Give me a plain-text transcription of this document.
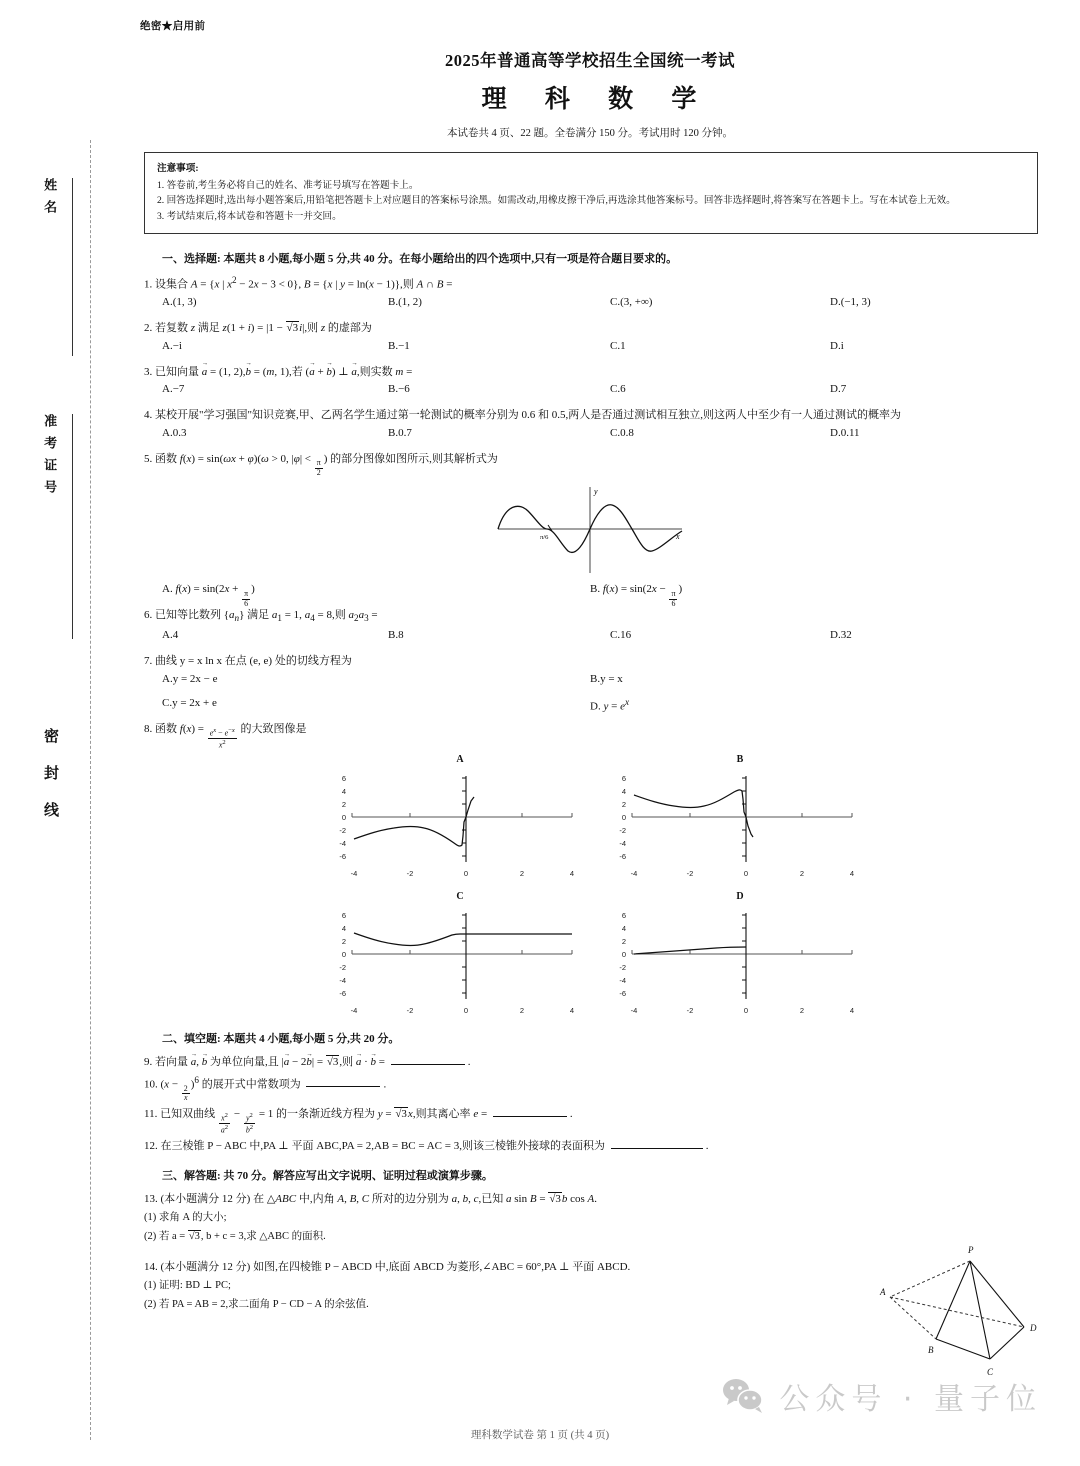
姓名
准考证号
密封线
绝密★启用前
2025年普通高等学校招生全国统一考试
理 科 数 学
本试卷共 4 页、22 题。全卷满分 150 分。考试用时 120 分钟。
注意事项:
1. 答卷前,考生务必将自己的姓名、准考证号填写在答题卡上。
2. 回答选择题时,选出每小题答案后,用铅笔把答题卡上对应题目的答案标号涂黑。如需改动,用橡皮擦干净后,再选涂其他答案标号。回答非选择题时,将答案写在答题卡上。写在本试卷上无效。
3. 考试结束后,将本试卷和答题卡一并交回。
一、选择题: 本题共 8 小题,每小题 5 分,共 40 分。在每小题给出的四个选项中,只有一项是符合题目要求的。
1. 设集合 A = {x | $x^2 - 2x - 3 < 0$}, B = {x | y = ln(x − 1)},则 A ∩ B =
A.(1, 3)	B.(1, 2)	C.(3, +∞)	D.(−1, 3)
2. 若复数 z 满足 z(1 + i) = |1 − √3i|,则 z 的虚部为
A.−i	B.−1	C.1	D.i
3. 已知向量 a → = (1, 2),b → = (m, 1),若 (a → + b →) ⊥ a →,则实数 m =
A.−7	B.−6	C.6	D.7
4. 某校开展"学习强国"知识竞赛,甲、乙两名学生通过第一轮测试的概率分别为 0.6 和 0.5,两人是否通过测试相互独立,则这两人中至少有一人通过测试的概率为
A.0.3	B.0.7	C.0.8	D.0.11
5. 函数 f(x) = sin(ωx + φ)(ω > 0, |φ| <
$\frac{\pi}{2}$
) 的部分图像如图所示,则其解析式为
y
x
π/6
A. f(x) = sin(2x +
$\frac{\pi}{6}$
)	B. f(x) = sin(2x −
$\frac{\pi}{6}$
)
6. 已知等比数列 $\{a_n\}$ 满足 $a_1 = 1$, $a_4 = 8$,则 $a_2a_3$ =
A.4	B.8	C.16	D.32
7. 曲线 y = x ln x 在点 (e, e) 处的切线方程为
A.y = 2x − e	B.y = x
C.y = 2x + e	D. $y = e^x$
8. 函数 $f(x) = \frac{e^x - e^{-x}}{x^2}$ 的大致图像是
A
6
4
2
0
-2
-4
-6
-4	-2	0	2	4
B
6
4
2
0
-2
-4
-6
-4	-2	0	2	4
C
6
4
2
0
-2
-4
-6
-4	-2	0	2	4
D
6
4
2
0
-2
-4
-6
-4	-2	0	2	4
二、填空题: 本题共 4 小题,每小题 5 分,共 20 分。
9. 若向量 a →, b → 为单位向量,且 |a → − 2b →| = √3,则 a → · b → =	.
10. (x −
$\frac{2}{x}$
)$^6$ 的展开式中常数项为	.
11. 已知双曲线 $\frac{x^2}{a^2} - \frac{y^2}{b^2} = 1$ 的一条渐近线方程为 y = √3x,则其离心率 e =	.
12. 在三棱锥 P − ABC 中,PA ⊥ 平面 ABC,PA = 2,AB = BC = AC = 3,则该三棱锥外接球的表面积为	.
三、解答题: 共 70 分。解答应写出文字说明、证明过程或演算步骤。
13. (本小题满分 12 分) 在 △ABC 中,内角 A, B, C 所对的边分别为 a, b, c,已知 a sin B = √3b cos A.
(1) 求角 A 的大小;
(2) 若 a = √3, b + c = 3,求 △ABC 的面积.
14. (本小题满分 12 分) 如图,在四棱锥 P − ABCD 中,底面 ABCD 为菱形,∠ABC = 60°,PA ⊥ 平面 ABCD.
(1) 证明: BD ⊥ PC;
(2) 若 PA = AB = 2,求二面角 P − CD − A 的余弦值.
P
A
B
C
D
理科数学试卷 第 1 页 (共 4 页)
公众号 · 量子位
